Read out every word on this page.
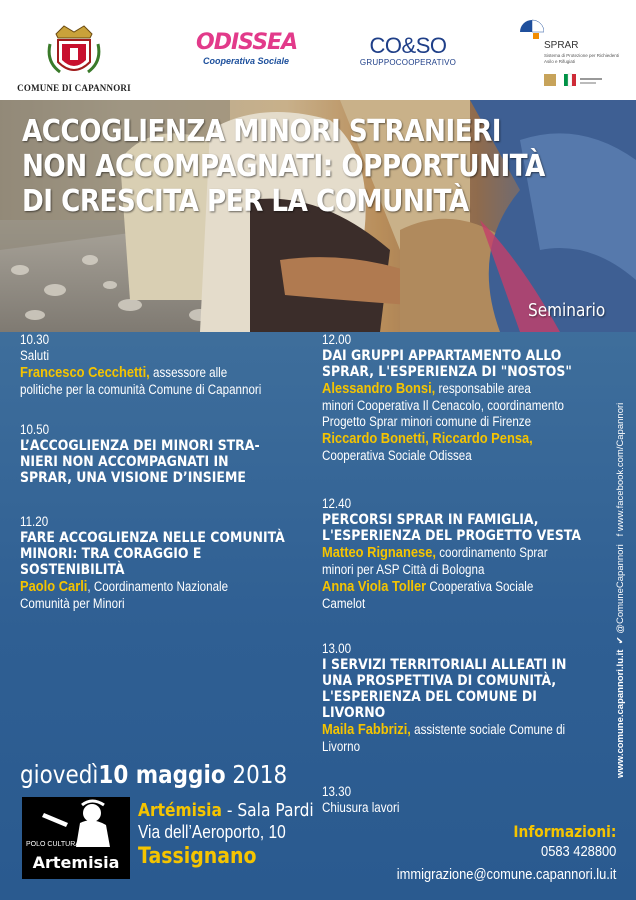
COMUNE DI CAPANNORI
ODISSEA
Cooperativa Sociale
CO&SO
GRUPPOCOOPERATIVO
SPRAR
Sistema di Protezione per Richiedenti Asilo e Rifugiati
ACCOGLIENZA MINORI STRANIERI
NON ACCOMPAGNATI: OPPORTUNITÀ
DI CRESCITA PER LA COMUNITÀ
Seminario
10.30
Saluti
Francesco Cecchetti, assessore alle
politiche per la comunità Comune di Capannori
10.50
L’ACCOGLIENZA DEI MINORI STRA-
NIERI NON ACCOMPAGNATI IN
SPRAR, UNA VISIONE D’INSIEME
11.20
FARE ACCOGLIENZA NELLE COMUNITÀ
MINORI: TRA CORAGGIO E
SOSTENIBILITÀ
Paolo Carli, Coordinamento Nazionale
Comunità per Minori
12.00
DAI GRUPPI APPARTAMENTO ALLO
SPRAR, L'ESPERIENZA DI "NOSTOS"
Alessandro Bonsi, responsabile area
minori Cooperativa Il Cenacolo, coordinamento
Progetto Sprar minori comune di Firenze
Riccardo Bonetti, Riccardo Pensa,
Cooperativa Sociale Odissea
12.40
PERCORSI SPRAR IN FAMIGLIA,
L'ESPERIENZA DEL PROGETTO VESTA
Matteo Rignanese, coordinamento Sprar
minori per ASP Città di Bologna
Anna Viola Toller Cooperativa Sociale
Camelot
13.00
I SERVIZI TERRITORIALI ALLEATI IN
UNA PROSPETTIVA DI COMUNITÀ,
L'ESPERIENZA DEL COMUNE DI
LIVORNO
Maila Fabbrizi, assistente sociale Comune di
Livorno
13.30
Chiusura lavori
www.comune.capannori.lu.it  ✔ @ComuneCapannori   f www.facebook.com/Capannori
giovedì10 maggio 2018
POLO CULTURALE
Artemisia
Artémisia - Sala Pardi
Via dell’Aeroporto, 10
Tassignano
Informazioni:
0583 428800
immigrazione@comune.capannori.lu.it
